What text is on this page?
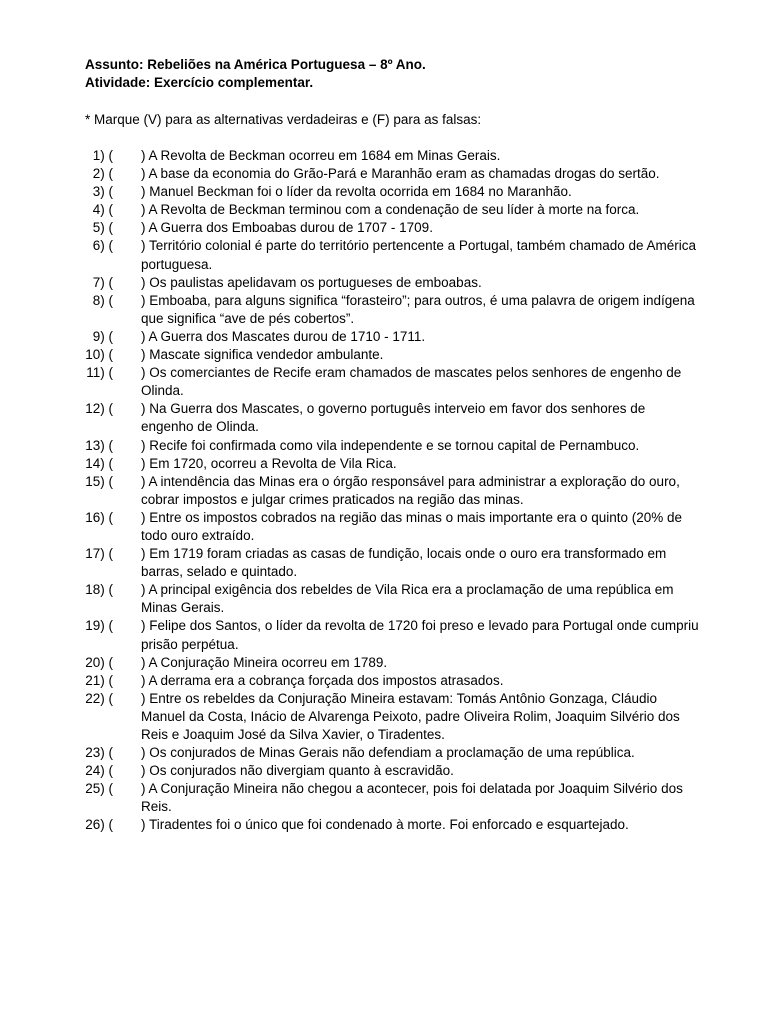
Assunto: Rebeliões na América Portuguesa – 8º Ano.
Atividade: Exercício complementar.
* Marque (V) para as alternativas verdadeiras e (F) para as falsas:
1) ( ) A Revolta de Beckman ocorreu em 1684 em Minas Gerais.
2) ( ) A base da economia do Grão-Pará e Maranhão eram as chamadas drogas do sertão.
3) ( ) Manuel Beckman foi o líder da revolta ocorrida em 1684 no Maranhão.
4) ( ) A Revolta de Beckman terminou com a condenação de seu líder à morte na forca.
5) ( ) A Guerra dos Emboabas durou de 1707 - 1709.
6) ( ) Território colonial é parte do território pertencente a Portugal, também chamado de América portuguesa.
7) ( ) Os paulistas apelidavam os portugueses de emboabas.
8) ( ) Emboaba, para alguns significa “forasteiro”; para outros, é uma palavra de origem indígena que significa “ave de pés cobertos”.
9) ( ) A Guerra dos Mascates durou de 1710 - 1711.
10) ( ) Mascate significa vendedor ambulante.
11) ( ) Os comerciantes de Recife eram chamados de mascates pelos senhores de engenho de Olinda.
12) ( ) Na Guerra dos Mascates, o governo português interveio em favor dos senhores de engenho de Olinda.
13) ( ) Recife foi confirmada como vila independente e se tornou capital de Pernambuco.
14) ( ) Em 1720, ocorreu a Revolta de Vila Rica.
15) ( ) A intendência das Minas era o órgão responsável para administrar a exploração do ouro, cobrar impostos e julgar crimes praticados na região das minas.
16) ( ) Entre os impostos cobrados na região das minas o mais importante era o quinto (20% de todo ouro extraído.
17) ( ) Em 1719 foram criadas as casas de fundição, locais onde o ouro era transformado em barras, selado e quintado.
18) ( ) A principal exigência dos rebeldes de Vila Rica era a proclamação de uma república em Minas Gerais.
19) ( ) Felipe dos Santos, o líder da revolta de 1720 foi preso e levado para Portugal onde cumpriu prisão perpétua.
20) ( ) A Conjuração Mineira ocorreu em 1789.
21) ( ) A derrama era a cobrança forçada dos impostos atrasados.
22) ( ) Entre os rebeldes da Conjuração Mineira estavam: Tomás Antônio Gonzaga, Cláudio Manuel da Costa, Inácio de Alvarenga Peixoto, padre Oliveira Rolim, Joaquim Silvério dos Reis e Joaquim José da Silva Xavier, o Tiradentes.
23) ( ) Os conjurados de Minas Gerais não defendiam a proclamação de uma república.
24) ( ) Os conjurados não divergiam quanto à escravidão.
25) ( ) A Conjuração Mineira não chegou a acontecer, pois foi delatada por Joaquim Silvério dos Reis.
26) ( ) Tiradentes foi o único que foi condenado à morte. Foi enforcado e esquartejado.
